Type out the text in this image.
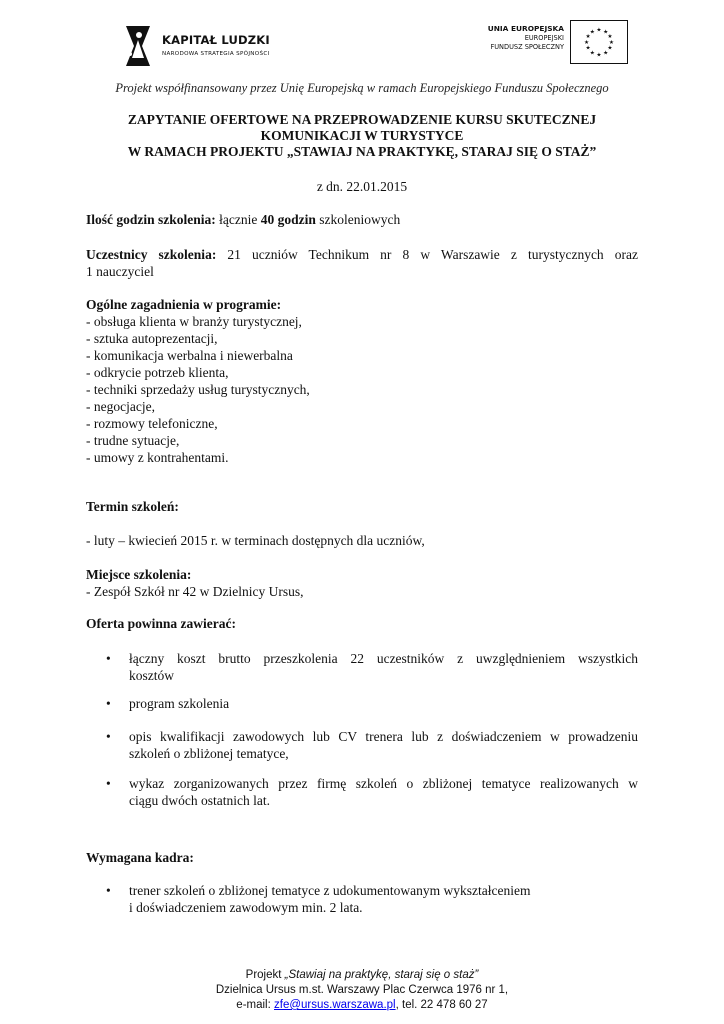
KAPITAŁ LUDZKI
NARODOWA STRATEGIA SPÓJNOŚCI
UNIA EUROPEJSKA
EUROPEJSKI
FUNDUSZ SPOŁECZNY
★ ★
★
★
★
★
★
★
★
★
★
★
Projekt współfinansowany przez Unię Europejską w ramach Europejskiego Funduszu Społecznego
ZAPYTANIE OFERTOWE NA PRZEPROWADZENIE KURSU SKUTECZNEJ
KOMUNIKACJI W TURYSTYCE
W RAMACH PROJEKTU „STAWIAJ NA PRAKTYKĘ, STARAJ SIĘ O STAŻ”
z dn. 22.01.2015
Ilość godzin szkolenia: łącznie 40 godzin szkoleniowych
Uczestnicy szkolenia: 21 uczniów Technikum nr 8 w Warszawie z turystycznych oraz
1 nauczyciel
Ogólne zagadnienia w programie:
- obsługa klienta w branży turystycznej,
- sztuka autoprezentacji,
- komunikacja werbalna i niewerbalna
- odkrycie potrzeb klienta,
- techniki sprzedaży usług turystycznych,
- negocjacje,
- rozmowy telefoniczne,
- trudne sytuacje,
- umowy z kontrahentami.
Termin szkoleń:
- luty – kwiecień 2015 r. w terminach dostępnych dla uczniów,
Miejsce szkolenia:
- Zespół Szkół nr 42 w Dzielnicy Ursus,
Oferta powinna zawierać:
• łączny koszt brutto przeszkolenia 22 uczestników z uwzględnieniem wszystkich
kosztów
• program szkolenia
• opis kwalifikacji zawodowych lub CV trenera lub z doświadczeniem w prowadzeniu
szkoleń o zbliżonej tematyce,
• wykaz zorganizowanych przez firmę szkoleń o zbliżonej tematyce realizowanych w
ciągu dwóch ostatnich lat.
Wymagana kadra:
• trener szkoleń o zbliżonej tematyce z udokumentowanym wykształceniem
i doświadczeniem zawodowym min. 2 lata.
Projekt „Stawiaj na praktykę, staraj się o staż”
Dzielnica Ursus m.st. Warszawy Plac Czerwca 1976 nr 1,
e-mail: zfe@ursus.warszawa.pl, tel. 22 478 60 27
